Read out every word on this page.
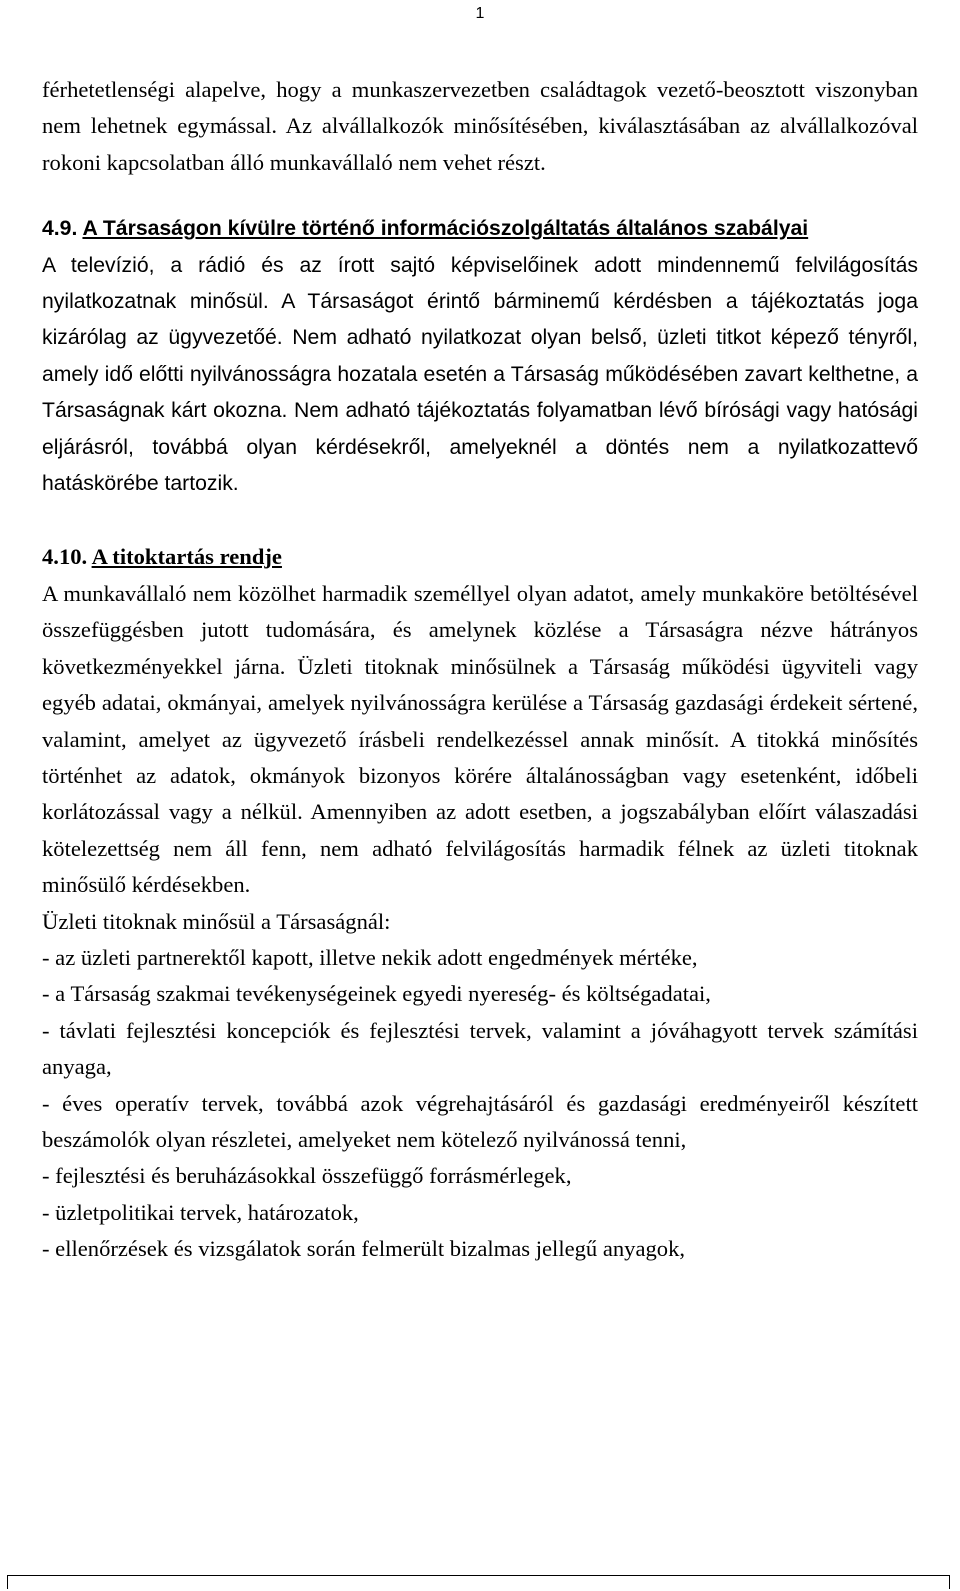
1

férhetetlenségi alapelve, hogy a munkaszervezetben családtagok vezető-beosztott viszonyban nem lehetnek egymással. Az alvállalkozók minősítésében, kiválasztásában az alvállalkozóval rokoni kapcsolatban álló munkavállaló nem vehet részt.

4.9. A Társaságon kívülre történő információszolgáltatás általános szabályai
A televízió, a rádió és az írott sajtó képviselőinek adott mindennemű felvilágosítás nyilatkozatnak minősül. A Társaságot érintő bárminemű kérdésben a tájékoztatás joga kizárólag az ügyvezetőé. Nem adható nyilatkozat olyan belső, üzleti titkot képező tényről, amely idő előtti nyilvánosságra hozatala esetén a Társaság működésében zavart kelthetne, a Társaságnak kárt okozna. Nem adható tájékoztatás folyamatban lévő bírósági vagy hatósági eljárásról, továbbá olyan kérdésekről, amelyeknél a döntés nem a nyilatkozattevő hatáskörébe tartozik.

4.10. A titoktartás rendje
A munkavállaló nem közölhet harmadik személlyel olyan adatot, amely munkaköre betöltésével összefüggésben jutott tudomására, és amelynek közlése a Társaságra nézve hátrányos következményekkel járna. Üzleti titoknak minősülnek a Társaság működési ügyviteli vagy egyéb adatai, okmányai, amelyek nyilvánosságra kerülése a Társaság gazdasági érdekeit sértené, valamint, amelyet az ügyvezető írásbeli rendelkezéssel annak minősít. A titokká minősítés történhet az adatok, okmányok bizonyos körére általánosságban vagy esetenként, időbeli korlátozással vagy a nélkül. Amennyiben az adott esetben, a jogszabályban előírt válaszadási kötelezettség nem áll fenn, nem adható felvilágosítás harmadik félnek az üzleti titoknak minősülő kérdésekben.

Üzleti titoknak minősül a Társaságnál:

- az üzleti partnerektől kapott, illetve nekik adott engedmények mértéke,
- a Társaság szakmai tevékenységeinek egyedi nyereség- és költségadatai,
- távlati fejlesztési koncepciók és fejlesztési tervek, valamint a jóváhagyott tervek számítási anyaga,
- éves operatív tervek, továbbá azok végrehajtásáról és gazdasági eredményeiről készített beszámolók olyan részletei, amelyeket nem kötelező nyilvánossá tenni,
- fejlesztési és beruházásokkal összefüggő forrásmérlegek,
- üzletpolitikai tervek, határozatok,
- ellenőrzések és vizsgálatok során felmerült bizalmas jellegű anyagok,
